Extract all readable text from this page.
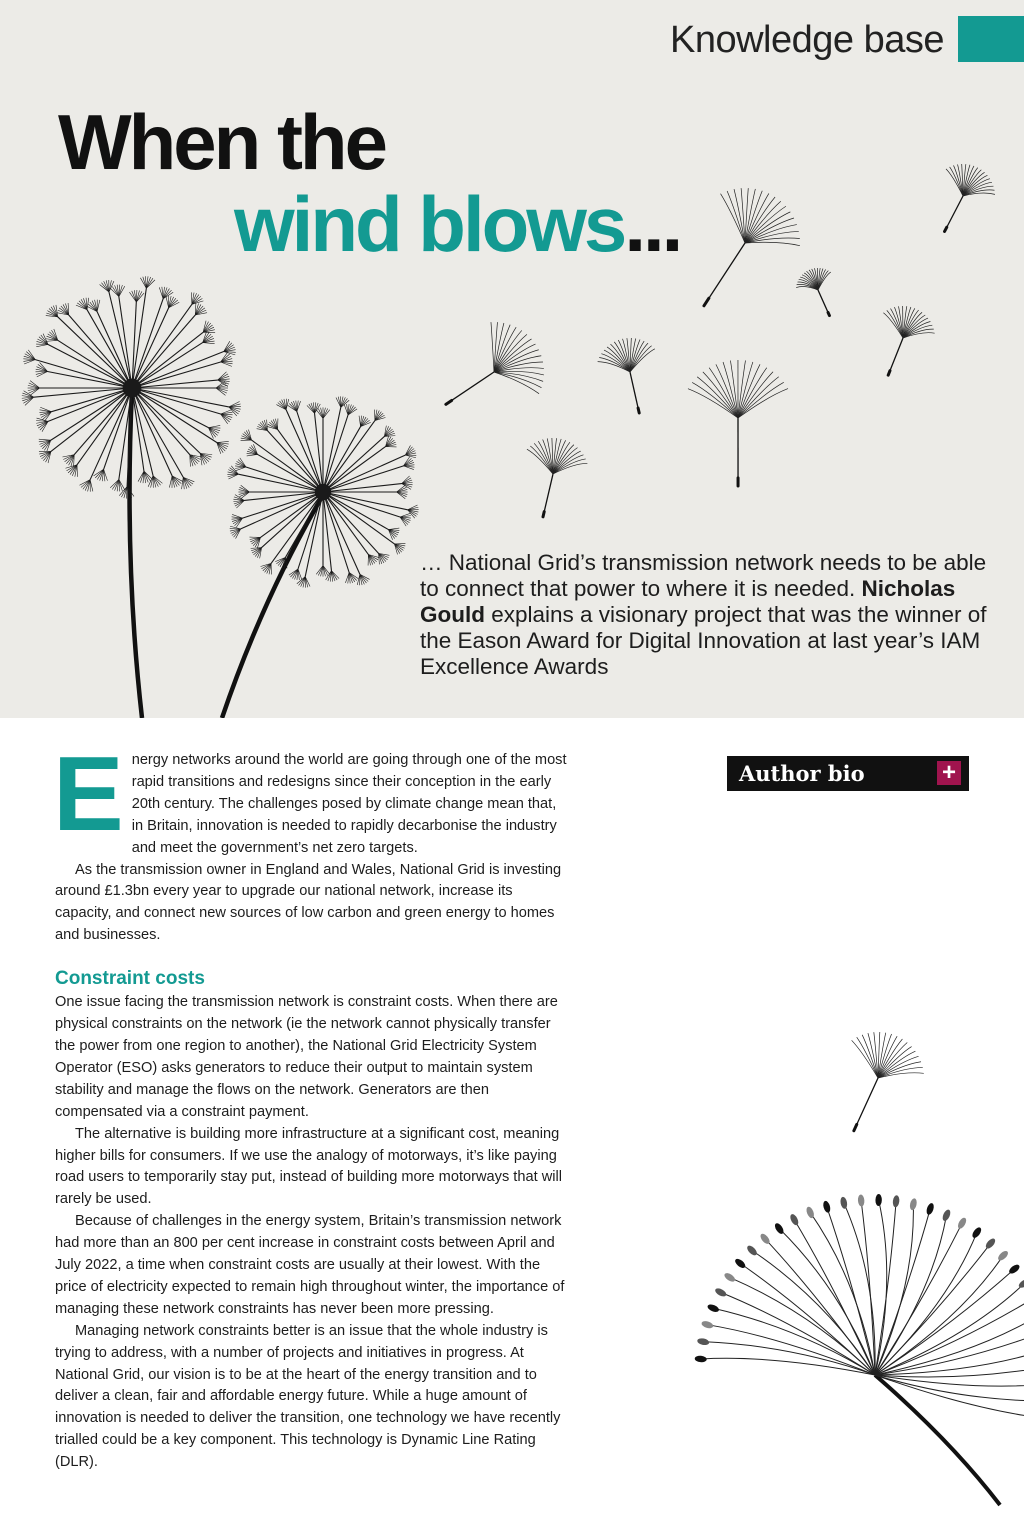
Knowledge base
When the
wind blows...
… National Grid’s transmission network needs to be able to connect that power to where it is needed. Nicholas Gould explains a visionary project that was the winner of the Eason Award for Digital Innovation at last year’s IAM Excellence Awards

Energy networks around the world are going through one of the most rapid transitions and redesigns since their conception in the early 20th century. The challenges posed by climate change mean that, in Britain, innovation is needed to rapidly decarbonise the industry and meet the government’s net zero targets.

As the transmission owner in England and Wales, National Grid is investing around £1.3bn every year to upgrade our national network, increase its capacity, and connect new sources of low carbon and green energy to homes and businesses.

Constraint costs

One issue facing the transmission network is constraint costs. When there are physical constraints on the network (ie the network cannot physically transfer the power from one region to another), the National Grid Electricity System Operator (ESO) asks generators to reduce their output to maintain system stability and manage the flows on the network. Generators are then compensated via a constraint payment.

The alternative is building more infrastructure at a significant cost, meaning higher bills for consumers. If we use the analogy of motorways, it’s like paying road users to temporarily stay put, instead of building more motorways that will rarely be used.

Because of challenges in the energy system, Britain’s transmission network had more than an 800 per cent increase in constraint costs between April and July 2022, a time when constraint costs are usually at their lowest. With the price of electricity expected to remain high throughout winter, the importance of managing these network constraints has never been more pressing.

Managing network constraints better is an issue that the whole industry is trying to address, with a number of projects and initiatives in progress. At National Grid, our vision is to be at the heart of the energy transition and to deliver a clean, fair and affordable energy future. While a huge amount of innovation is needed to deliver the transition, one technology we have recently trialled could be a key component. This technology is Dynamic Line Rating (DLR).

Author bio	+
